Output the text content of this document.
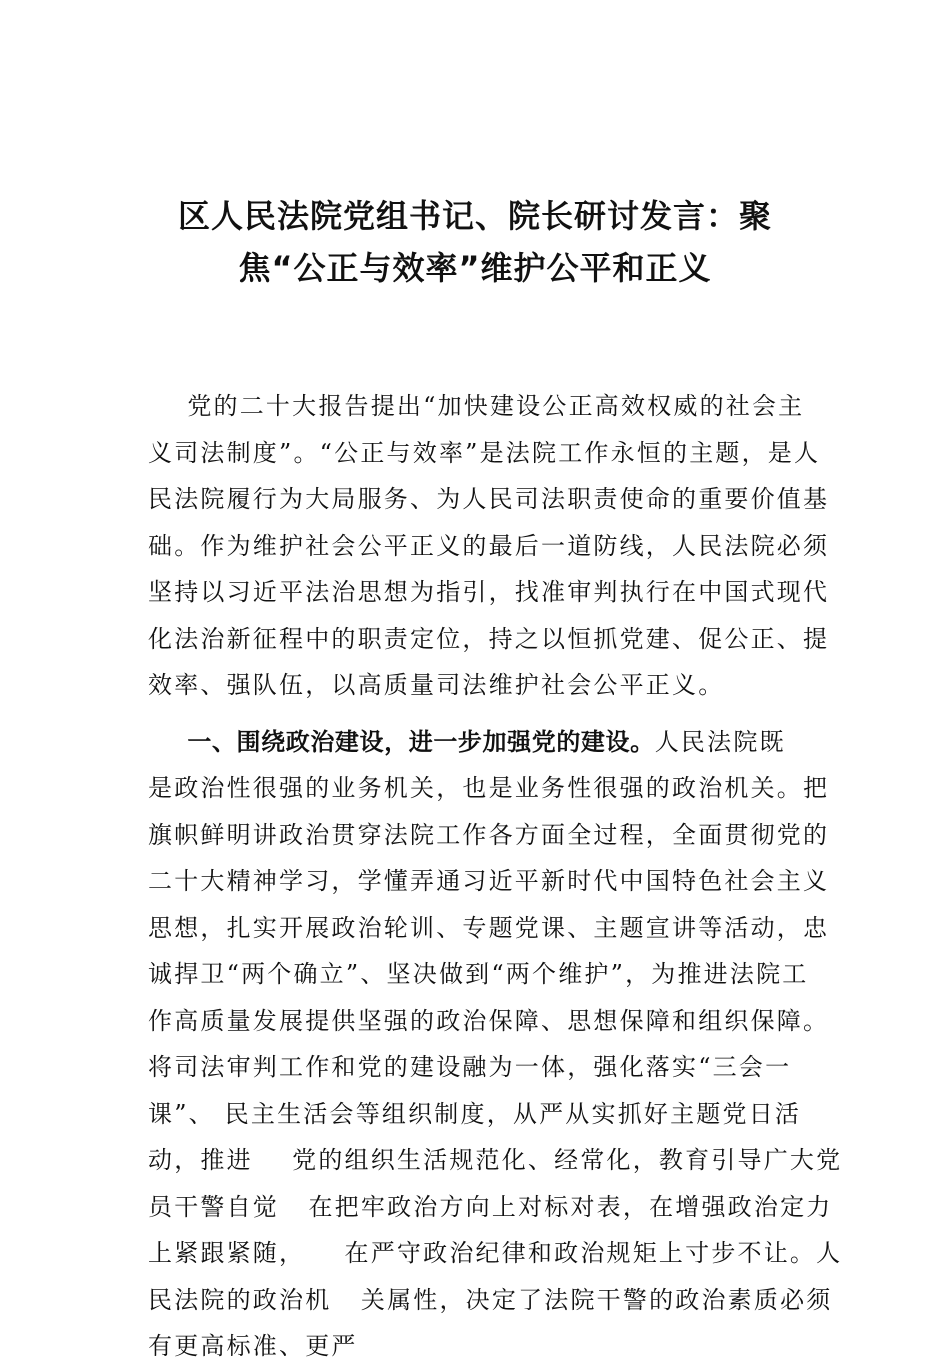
区人民法院党组书记、院长研讨发言：聚
焦“公正与效率”维护公平和正义
党的二十大报告提出“加快建设公正高效权威的社会主
义司法制度”。“公正与效率”是法院工作永恒的主题，是人
民法院履行为大局服务、为人民司法职责使命的重要价值基
础。作为维护社会公平正义的最后一道防线，人民法院必须
坚持以习近平法治思想为指引，找准审判执行在中国式现代
化法治新征程中的职责定位，持之以恒抓党建、促公正、提
效率、强队伍，以高质量司法维护社会公平正义。
一、围绕政治建设，进一步加强党的建设。人民法院既
是政治性很强的业务机关，也是业务性很强的政治机关。把
旗帜鲜明讲政治贯穿法院工作各方面全过程，全面贯彻党的
二十大精神学习，学懂弄通习近平新时代中国特色社会主义
思想，扎实开展政治轮训、专题党课、主题宣讲等活动，忠
诚捍卫“两个确立”、坚决做到“两个维护”，为推进法院工
作高质量发展提供坚强的政治保障、思想保障和组织保障。
将司法审判工作和党的建设融为一体，强化落实“三会一
课”、 民主生活会等组织制度，从严从实抓好主题党日活
动，推进    党的组织生活规范化、经常化，教育引导广大党
员干警自觉   在把牢政治方向上对标对表，在增强政治定力
上紧跟紧随，    在严守政治纪律和政治规矩上寸步不让。人
民法院的政治机   关属性，决定了法院干警的政治素质必须
有更高标准、更严
